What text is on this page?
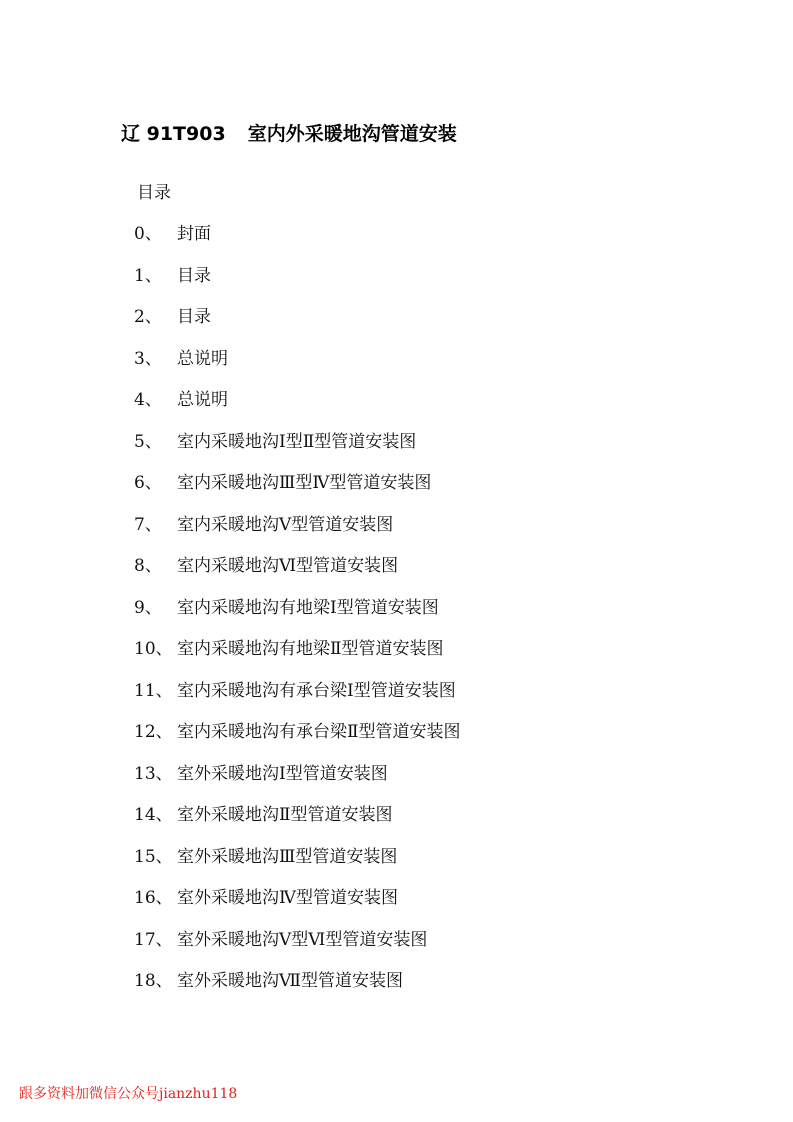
辽 91T903 室内外采暖地沟管道安装
目录
0、 封面
1、 目录
2、 目录
3、 总说明
4、 总说明
5、 室内采暖地沟Ⅰ型Ⅱ型管道安装图
6、 室内采暖地沟Ⅲ型Ⅳ型管道安装图
7、 室内采暖地沟Ⅴ型管道安装图
8、 室内采暖地沟Ⅵ型管道安装图
9、 室内采暖地沟有地梁Ⅰ型管道安装图
10、 室内采暖地沟有地梁Ⅱ型管道安装图
11、 室内采暖地沟有承台梁Ⅰ型管道安装图
12、 室内采暖地沟有承台梁Ⅱ型管道安装图
13、 室外采暖地沟Ⅰ型管道安装图
14、 室外采暖地沟Ⅱ型管道安装图
15、 室外采暖地沟Ⅲ型管道安装图
16、 室外采暖地沟Ⅳ型管道安装图
17、 室外采暖地沟Ⅴ型Ⅵ型管道安装图
18、 室外采暖地沟Ⅶ型管道安装图
跟多资料加微信公众号jianzhu118
